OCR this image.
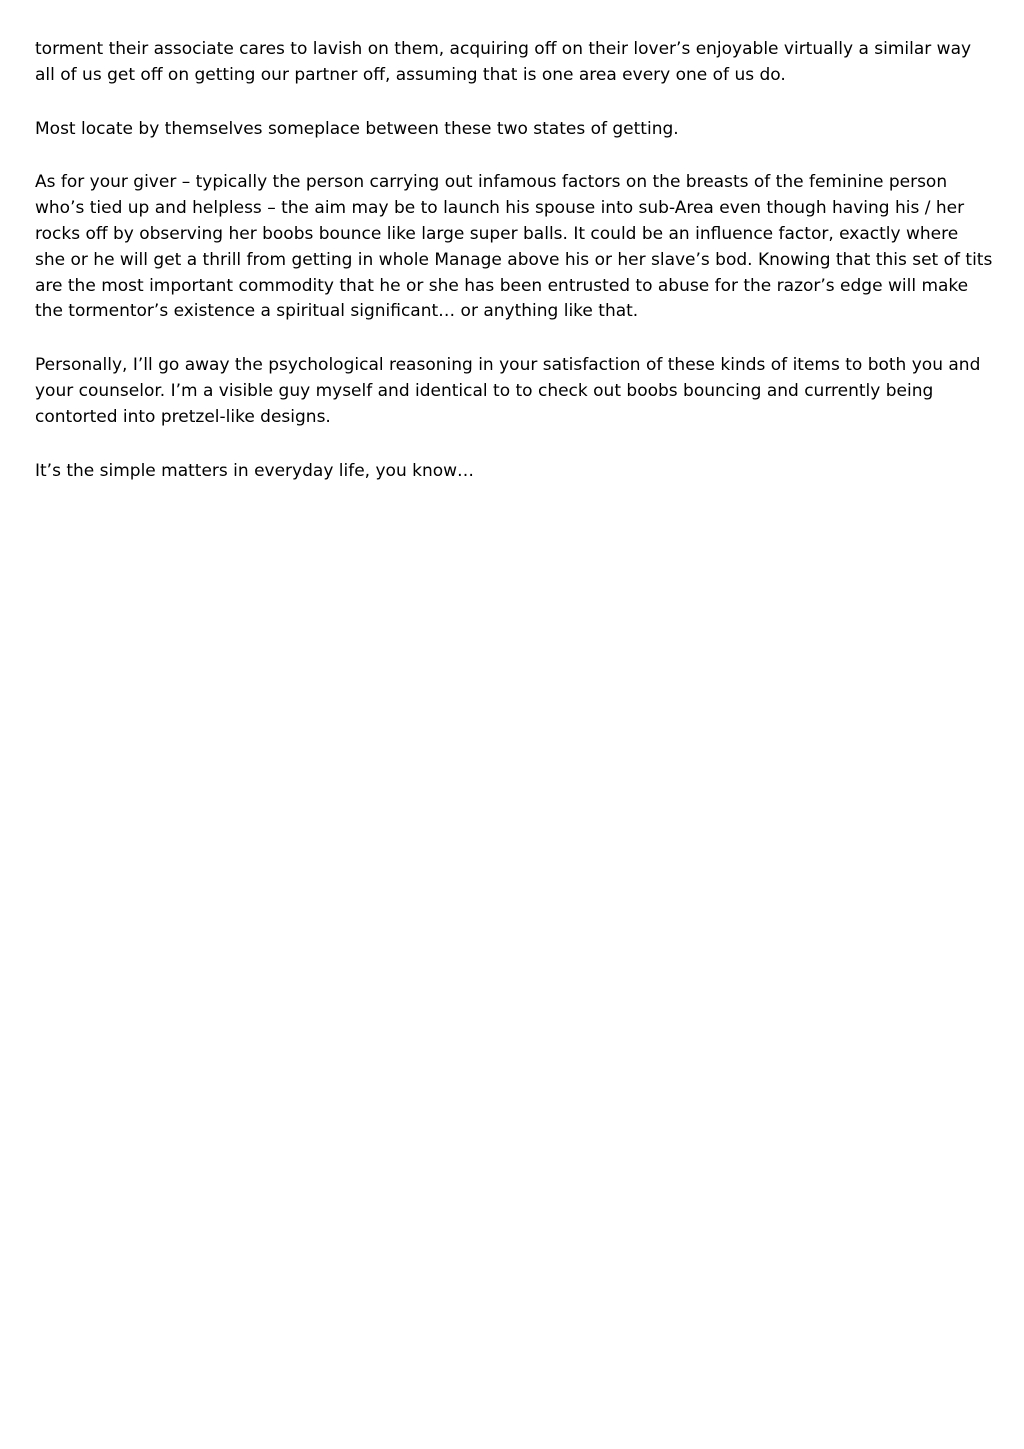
torment their associate cares to lavish on them, acquiring off on their lover’s enjoyable virtually a similar way all of us get off on getting our partner off, assuming that is one area every one of us do.

Most locate by themselves someplace between these two states of getting.

As for your giver – typically the person carrying out infamous factors on the breasts of the feminine person who’s tied up and helpless – the aim may be to launch his spouse into sub-Area even though having his / her rocks off by observing her boobs bounce like large super balls. It could be an influence factor, exactly where she or he will get a thrill from getting in whole Manage above his or her slave’s bod. Knowing that this set of tits are the most important commodity that he or she has been entrusted to abuse for the razor’s edge will make the tormentor’s existence a spiritual significant… or anything like that.

Personally, I’ll go away the psychological reasoning in your satisfaction of these kinds of items to both you and your counselor. I’m a visible guy myself and identical to to check out boobs bouncing and currently being contorted into pretzel-like designs.

It’s the simple matters in everyday life, you know…
